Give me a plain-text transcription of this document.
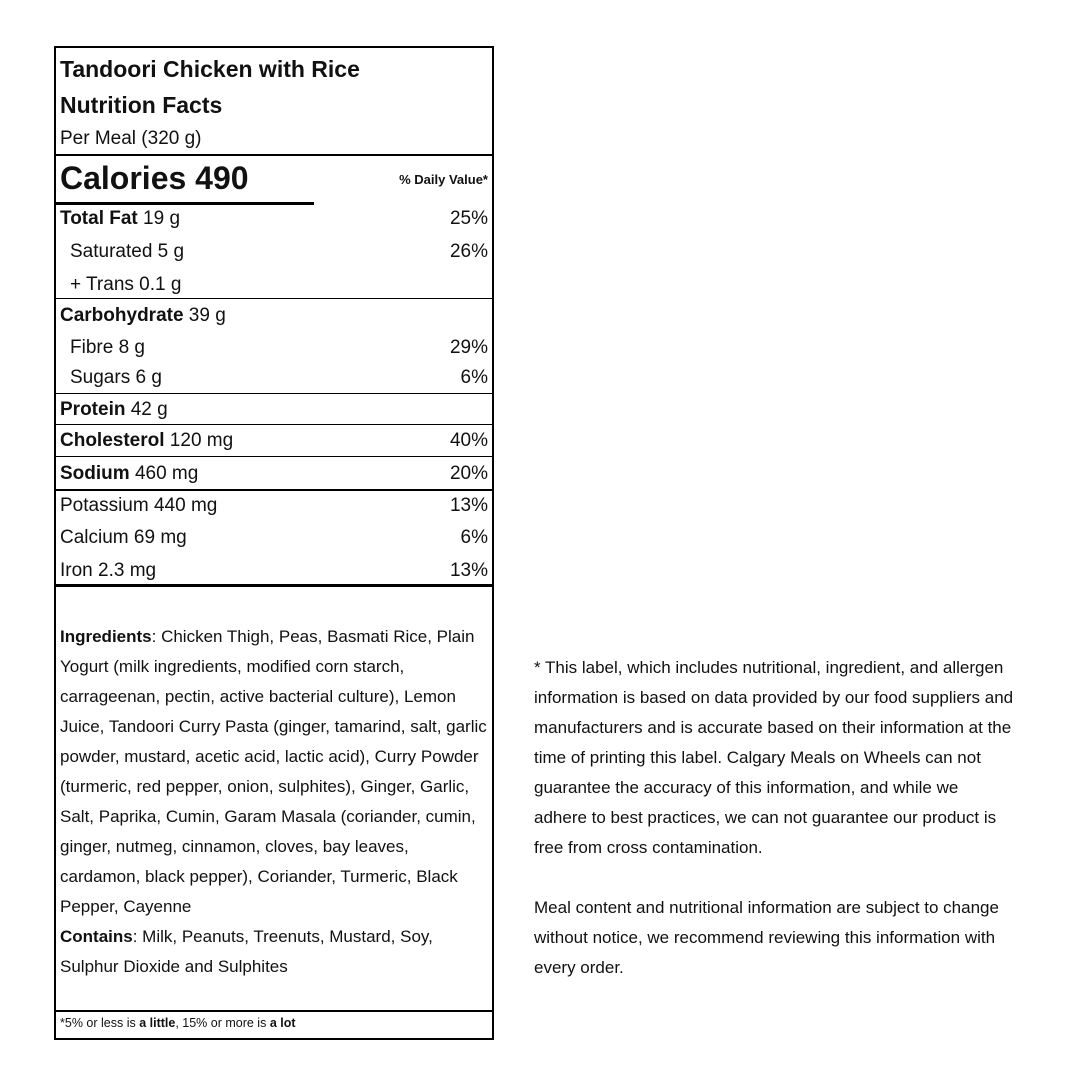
Tandoori Chicken with Rice
Nutrition Facts
Per Meal (320 g)
Calories 490	% Daily Value*
Total Fat 19 g	25%
Saturated 5 g	26%
+ Trans 0.1 g
Carbohydrate 39 g
Fibre 8 g	29%
Sugars 6 g	6%
Protein 42 g
Cholesterol 120 mg	40%
Sodium 460 mg	20%
Potassium 440 mg	13%
Calcium 69 mg	6%
Iron 2.3 mg	13%
Ingredients: Chicken Thigh, Peas, Basmati Rice, Plain Yogurt (milk ingredients, modified corn starch, carrageenan, pectin, active bacterial culture), Lemon Juice, Tandoori Curry Pasta (ginger, tamarind, salt, garlic powder, mustard, acetic acid, lactic acid), Curry Powder (turmeric, red pepper, onion, sulphites), Ginger, Garlic, Salt, Paprika, Cumin, Garam Masala (coriander, cumin, ginger, nutmeg, cinnamon, cloves, bay leaves, cardamon, black pepper), Coriander, Turmeric, Black Pepper, Cayenne
Contains: Milk, Peanuts, Treenuts, Mustard, Soy, Sulphur Dioxide and Sulphites
*5% or less is a little, 15% or more is a lot

* This label, which includes nutritional, ingredient, and allergen information is based on data provided by our food suppliers and manufacturers and is accurate based on their information at the time of printing this label. Calgary Meals on Wheels can not guarantee the accuracy of this information, and while we adhere to best practices, we can not guarantee our product is free from cross contamination.

Meal content and nutritional information are subject to change without notice, we recommend reviewing this information with every order.
